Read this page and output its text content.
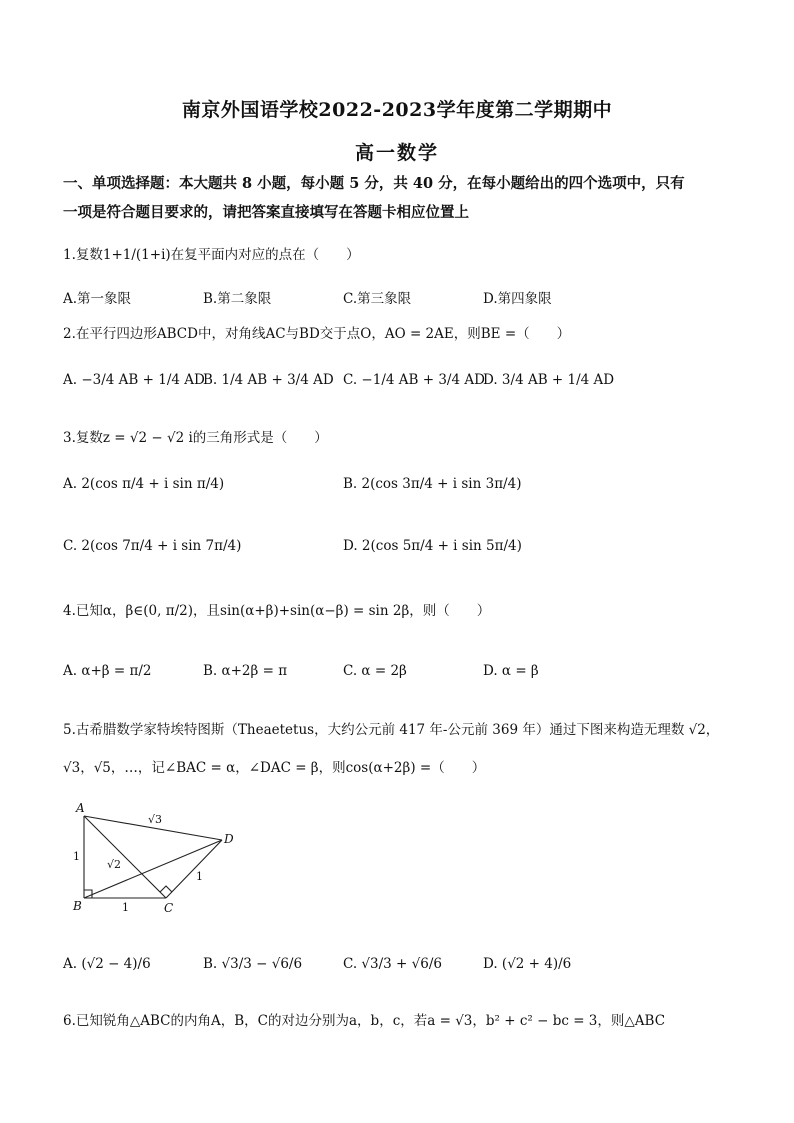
南京外国语学校2022-2023学年度第二学期期中
高一数学
一、单项选择题：本大题共 8 小题，每小题 5 分，共 40 分，在每小题给出的四个选项中，只有
一项是符合题目要求的，请把答案直接填写在答题卡相应位置上
1.复数1+1/(1+i)在复平面内对应的点在（　　）
A.第一象限	B.第二象限	C.第三象限	D.第四象限
2.在平行四边形ABCD中，对角线AC与BD交于点O，AO = 2AE，则BE =（　　）
A. −3/4 AB + 1/4 AD
B. 1/4 AB + 3/4 AD C. −1/4 AB + 3/4 AD
D. 3/4 AB + 1/4 AD
3.复数z = √2 − √2 i的三角形式是（　　）
A. 2(cos π/4 + i sin π/4)	B. 2(cos 3π/4 + i sin 3π/4)
C. 2(cos 7π/4 + i sin 7π/4)	D. 2(cos 5π/4 + i sin 5π/4)
4.已知α，β∈(0, π/2)，且sin(α+β)+sin(α−β) = sin 2β，则（　　）
A. α+β = π/2	B. α+2β = π	C. α = 2β	D. α = β
5.古希腊数学家特埃特图斯（Theaetetus，大约公元前 417 年-公元前 369 年）通过下图来构造无理数 √2，
√3，√5，…，记∠BAC = α，∠DAC = β，则cos(α+2β) =（　　）
A
B	C
D
1
1
1
√2
√3
A. (√2 − 4)/6	B. √3/3 − √6/6	C. √3/3 + √6/6	D. (√2 + 4)/6
6.已知锐角△ABC的内角A，B，C的对边分别为a，b，c，若a = √3，b² + c² − bc = 3，则△ABC
